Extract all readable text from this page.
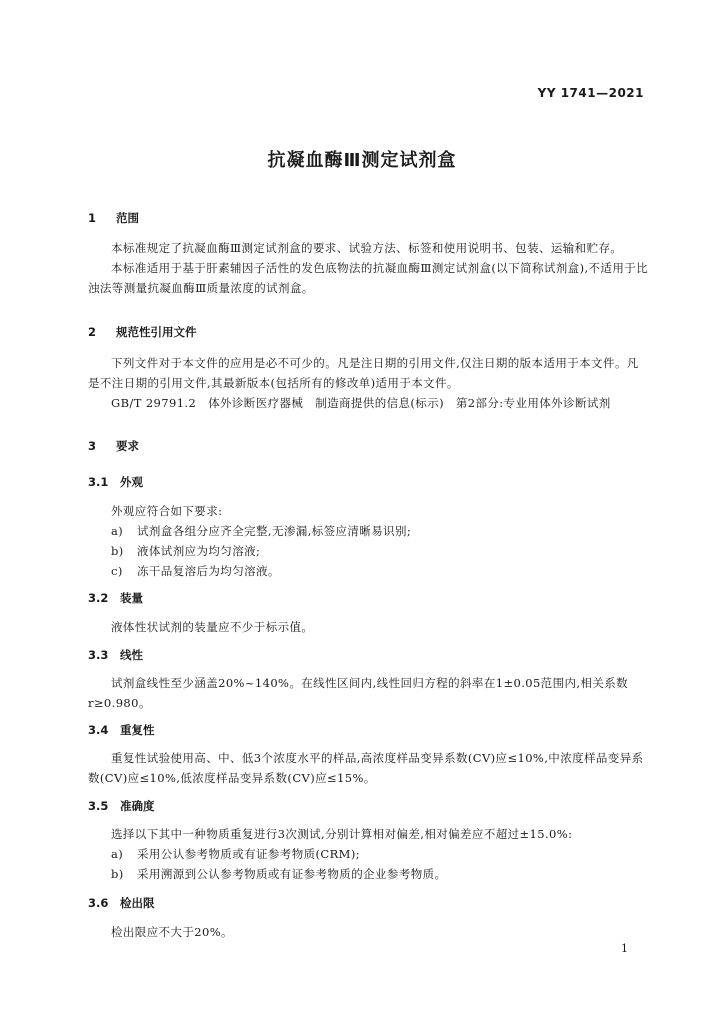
YY 1741—2021
抗凝血酶Ⅲ测定试剂盒
1 范围
本标准规定了抗凝血酶Ⅲ测定试剂盒的要求、试验方法、标签和使用说明书、包装、运输和贮存。
本标准适用于基于肝素辅因子活性的发色底物法的抗凝血酶Ⅲ测定试剂盒(以下简称试剂盒),不适用于比浊法等测量抗凝血酶Ⅲ质量浓度的试剂盒。
2 规范性引用文件
下列文件对于本文件的应用是必不可少的。凡是注日期的引用文件,仅注日期的版本适用于本文件。凡是不注日期的引用文件,其最新版本(包括所有的修改单)适用于本文件。
GB/T 29791.2　体外诊断医疗器械　制造商提供的信息(标示)　第2部分:专业用体外诊断试剂
3 要求
3.1 外观
外观应符合如下要求:
a) 试剂盒各组分应齐全完整,无渗漏,标签应清晰易识别;
b) 液体试剂应为均匀溶液;
c) 冻干品复溶后为均匀溶液。
3.2 装量
液体性状试剂的装量应不少于标示值。
3.3 线性
试剂盒线性至少涵盖20%~140%。在线性区间内,线性回归方程的斜率在1±0.05范围内,相关系数r≥0.980。
3.4 重复性
重复性试验使用高、中、低3个浓度水平的样品,高浓度样品变异系数(CV)应≤10%,中浓度样品变异系数(CV)应≤10%,低浓度样品变异系数(CV)应≤15%。
3.5 准确度
选择以下其中一种物质重复进行3次测试,分别计算相对偏差,相对偏差应不超过±15.0%:
a) 采用公认参考物质或有证参考物质(CRM);
b) 采用溯源到公认参考物质或有证参考物质的企业参考物质。
3.6 检出限
检出限应不大于20%。
1
